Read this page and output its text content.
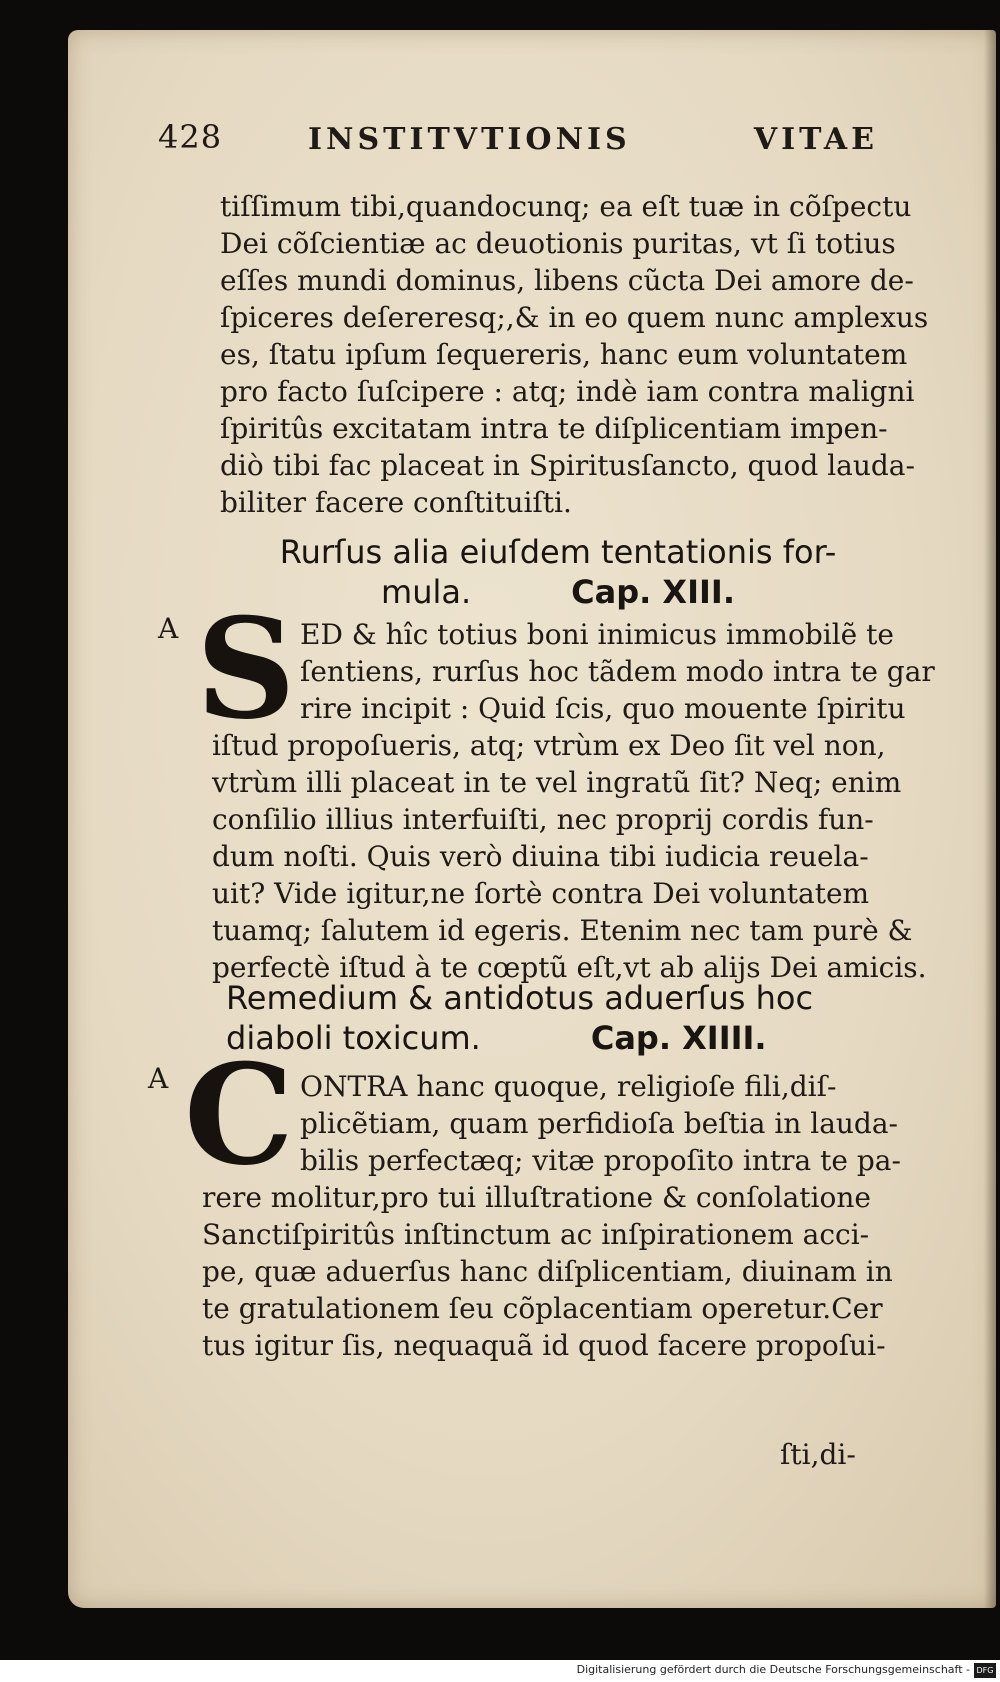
428	INSTITVTIONIS	VITAE
tiſſimum tibi,quandocunq; ea eſt tuæ in cõſpectu
Dei cõſcientiæ ac deuotionis puritas, vt ſi totius
eſſes mundi dominus, libens cũcta Dei amore de-
ſpiceres deſereresq;,& in eo quem nunc amplexus
es, ſtatu ipſum ſequereris, hanc eum voluntatem
pro facto ſuſcipere : atq; indè iam contra maligni
ſpiritûs excitatam intra te diſplicentiam impen-
diò tibi fac placeat in Spiritusſancto, quod lauda-
biliter facere conſtituiſti.
Rurſus alia eiuſdem tentationis for-
mula.	Cap. XIII.
A S ED & hîc totius boni inimicus immobilẽ te
ſentiens, rurſus hoc tãdem modo intra te gar
rire incipit : Quid ſcis, quo mouente ſpiritu
iſtud propoſueris, atq; vtrùm ex Deo ſit vel non,
vtrùm illi placeat in te vel ingratũ ſit? Neq; enim
conſilio illius interfuiſti, nec proprij cordis fun-
dum noſti. Quis verò diuina tibi iudicia reuela-
uit? Vide igitur,ne ſortè contra Dei voluntatem
tuamq; ſalutem id egeris. Etenim nec tam purè &
perfectè iſtud à te cœptũ eſt,vt ab alijs Dei amicis.
Remedium & antidotus aduerſus hoc
diaboli toxicum.	Cap. XIIII.
A C ONTRA hanc quoque, religioſe fili,diſ-
plicẽtiam, quam perfidioſa beſtia in lauda-
bilis perfectæq; vitæ propoſito intra te pa-
rere molitur,pro tui illuſtratione & conſolatione
Sanctiſpiritûs inſtinctum ac inſpirationem acci-
pe, quæ aduerſus hanc diſplicentiam, diuinam in
te gratulationem ſeu cõplacentiam operetur.Cer
tus igitur ſis, nequaquã id quod facere propoſui-
ſti,di-
Digitalisierung gefördert durch die Deutsche Forschungsgemeinschaft - DFG
